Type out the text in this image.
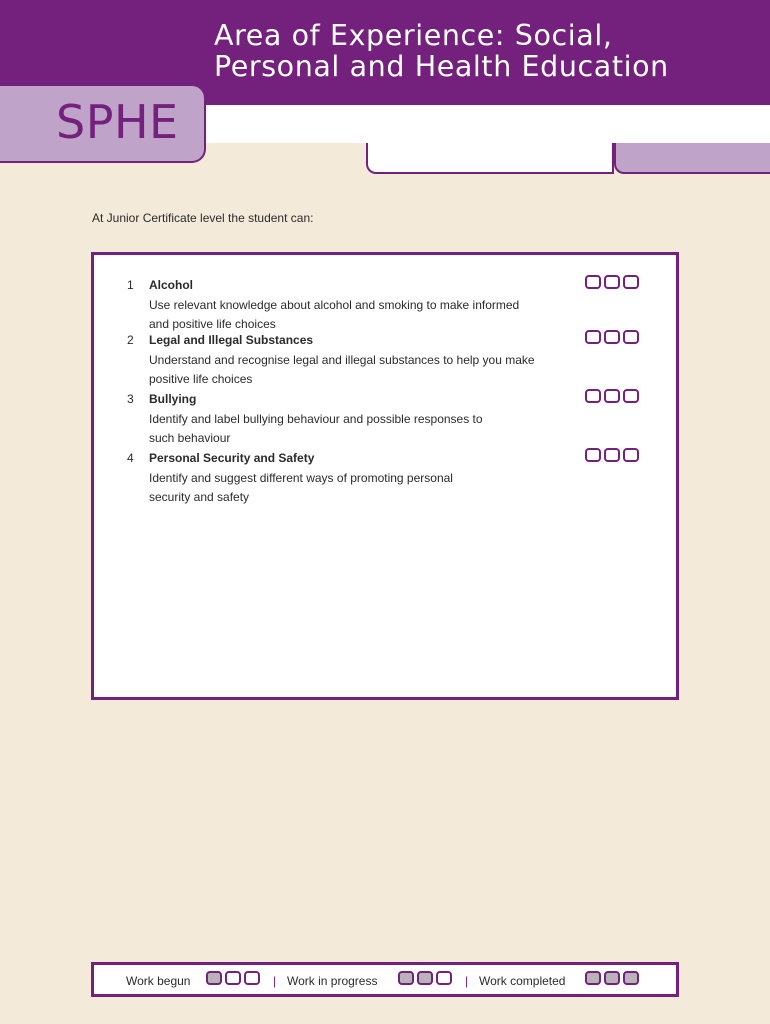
Area of Experience: Social,
Personal and Health Education
SPHE
At Junior Certificate level the student can:
1 Alcohol
Use relevant knowledge about alcohol and smoking to make informed
and positive life choices
2 Legal and Illegal Substances
Understand and recognise legal and illegal substances to help you make
positive life choices
3 Bullying
Identify and label bullying behaviour and possible responses to
such behaviour
4 Personal Security and Safety
Identify and suggest different ways of promoting personal
security and safety
Work begun	| Work in progress	| Work completed
